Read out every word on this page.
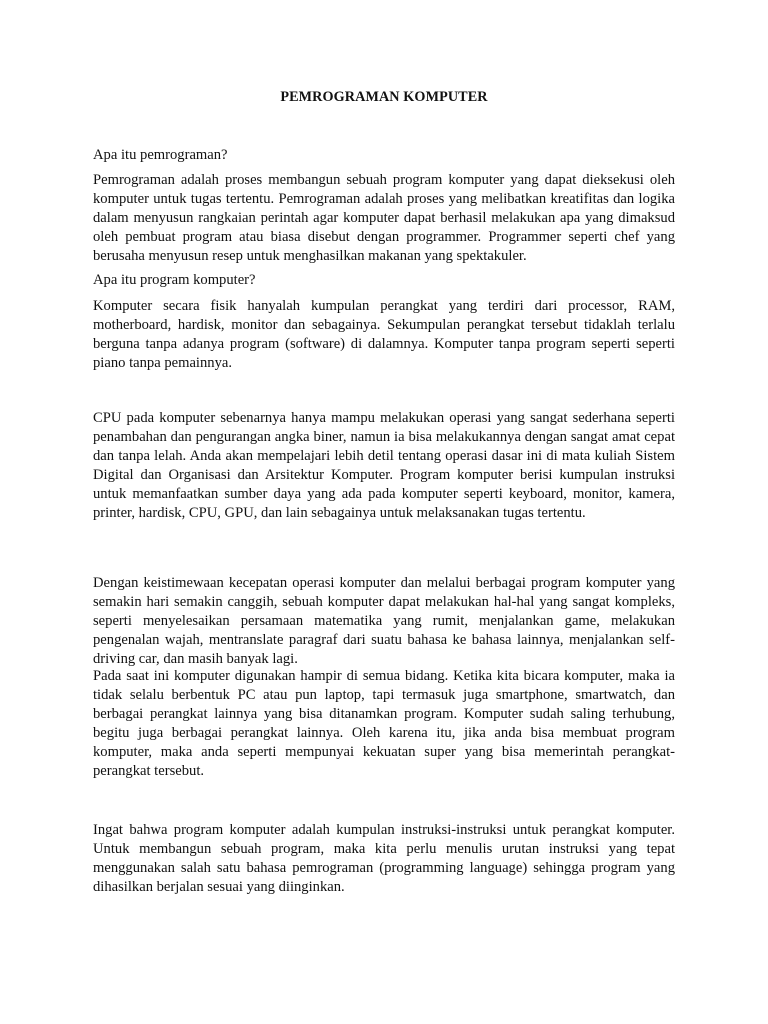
PEMROGRAMAN KOMPUTER

Apa itu pemrograman?

Pemrograman adalah proses membangun sebuah program komputer yang dapat dieksekusi oleh komputer untuk tugas tertentu. Pemrograman adalah proses yang melibatkan kreatifitas dan logika dalam menyusun rangkaian perintah agar komputer dapat berhasil melakukan apa yang dimaksud oleh pembuat program atau biasa disebut dengan programmer. Programmer seperti chef yang berusaha menyusun resep untuk menghasilkan makanan yang spektakuler.

Apa itu program komputer?

Komputer secara fisik hanyalah kumpulan perangkat yang terdiri dari processor, RAM, motherboard, hardisk, monitor dan sebagainya. Sekumpulan perangkat tersebut tidaklah terlalu berguna tanpa adanya program (software) di dalamnya. Komputer tanpa program seperti seperti piano tanpa pemainnya.

CPU pada komputer sebenarnya hanya mampu melakukan operasi yang sangat sederhana seperti penambahan dan pengurangan angka biner, namun ia bisa melakukannya dengan sangat amat cepat dan tanpa lelah. Anda akan mempelajari lebih detil tentang operasi dasar ini di mata kuliah Sistem Digital dan Organisasi dan Arsitektur Komputer. Program komputer berisi kumpulan instruksi untuk memanfaatkan sumber daya yang ada pada komputer seperti keyboard, monitor, kamera, printer, hardisk, CPU, GPU, dan lain sebagainya untuk melaksanakan tugas tertentu.

Dengan keistimewaan kecepatan operasi komputer dan melalui berbagai program komputer yang semakin hari semakin canggih, sebuah komputer dapat melakukan hal-hal yang sangat kompleks, seperti menyelesaikan persamaan matematika yang rumit, menjalankan game, melakukan pengenalan wajah, mentranslate paragraf dari suatu bahasa ke bahasa lainnya, menjalankan self-driving car, dan masih banyak lagi.

Pada saat ini komputer digunakan hampir di semua bidang. Ketika kita bicara komputer, maka ia tidak selalu berbentuk PC atau pun laptop, tapi termasuk juga smartphone, smartwatch, dan berbagai perangkat lainnya yang bisa ditanamkan program. Komputer sudah saling terhubung, begitu juga berbagai perangkat lainnya. Oleh karena itu, jika anda bisa membuat program komputer, maka anda seperti mempunyai kekuatan super yang bisa memerintah perangkat-perangkat tersebut.

Ingat bahwa program komputer adalah kumpulan instruksi-instruksi untuk perangkat komputer. Untuk membangun sebuah program, maka kita perlu menulis urutan instruksi yang tepat menggunakan salah satu bahasa pemrograman (programming language) sehingga program yang dihasilkan berjalan sesuai yang diinginkan.
